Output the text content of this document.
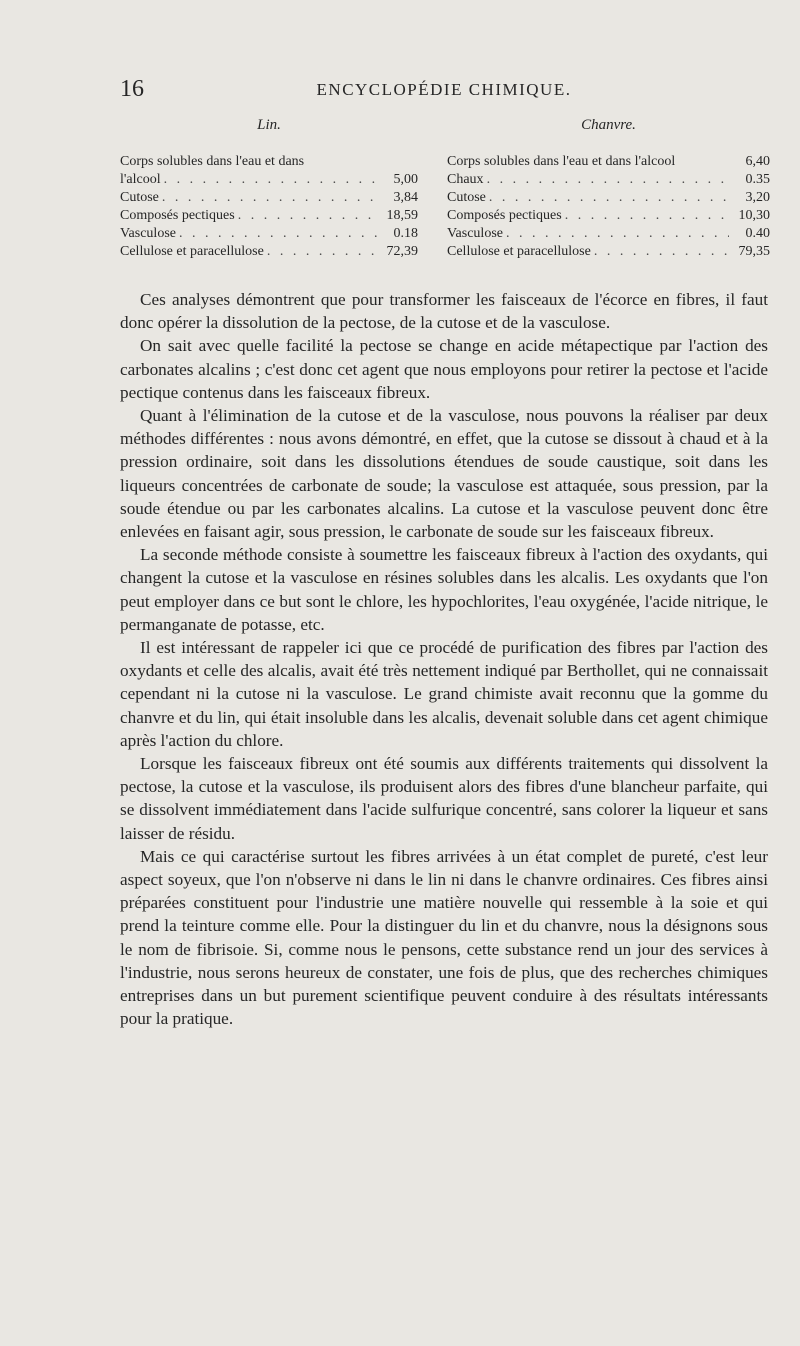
16	ENCYCLOPÉDIE CHIMIQUE.
Lin.
Corps solubles dans l'eau et dans
l'alcool . . .	5,00
Cutose . . .	3,84
Composés pectiques . . .	18,59
Vasculose . . .	0.18
Cellulose et paracellulose . . .	72,39
Chanvre.
Corps solubles dans l'eau et dans l'alcool	6,40
Chaux . . .	0.35
Cutose . . .	3,20
Composés pectiques . . .	10,30
Vasculose . . .	0.40
Cellulose et paracellulose . . .	79,35

Ces analyses démontrent que pour transformer les faisceaux de l'écorce en fibres, il faut donc opérer la dissolution de la pectose, de la cutose et de la vasculose.

On sait avec quelle facilité la pectose se change en acide métapectique par l'action des carbonates alcalins ; c'est donc cet agent que nous employons pour retirer la pectose et l'acide pectique contenus dans les faisceaux fibreux.

Quant à l'élimination de la cutose et de la vasculose, nous pouvons la réaliser par deux méthodes différentes : nous avons démontré, en effet, que la cutose se dissout à chaud et à la pression ordinaire, soit dans les dissolutions étendues de soude caustique, soit dans les liqueurs concentrées de carbonate de soude; la vasculose est attaquée, sous pression, par la soude étendue ou par les carbonates alcalins. La cutose et la vasculose peuvent donc être enlevées en faisant agir, sous pression, le carbonate de soude sur les faisceaux fibreux.

La seconde méthode consiste à soumettre les faisceaux fibreux à l'action des oxydants, qui changent la cutose et la vasculose en résines solubles dans les alcalis. Les oxydants que l'on peut employer dans ce but sont le chlore, les hypochlorites, l'eau oxygénée, l'acide nitrique, le permanganate de potasse, etc.

Il est intéressant de rappeler ici que ce procédé de purification des fibres par l'action des oxydants et celle des alcalis, avait été très nettement indiqué par Berthollet, qui ne connaissait cependant ni la cutose ni la vasculose. Le grand chimiste avait reconnu que la gomme du chanvre et du lin, qui était insoluble dans les alcalis, devenait soluble dans cet agent chimique après l'action du chlore.

Lorsque les faisceaux fibreux ont été soumis aux différents traitements qui dissolvent la pectose, la cutose et la vasculose, ils produisent alors des fibres d'une blancheur parfaite, qui se dissolvent immédiatement dans l'acide sulfurique concentré, sans colorer la liqueur et sans laisser de résidu.

Mais ce qui caractérise surtout les fibres arrivées à un état complet de pureté, c'est leur aspect soyeux, que l'on n'observe ni dans le lin ni dans le chanvre ordinaires. Ces fibres ainsi préparées constituent pour l'industrie une matière nouvelle qui ressemble à la soie et qui prend la teinture comme elle. Pour la distinguer du lin et du chanvre, nous la désignons sous le nom de fibrisoie. Si, comme nous le pensons, cette substance rend un jour des services à l'industrie, nous serons heureux de constater, une fois de plus, que des recherches chimiques entreprises dans un but purement scientifique peuvent conduire à des résultats intéressants pour la pratique.
